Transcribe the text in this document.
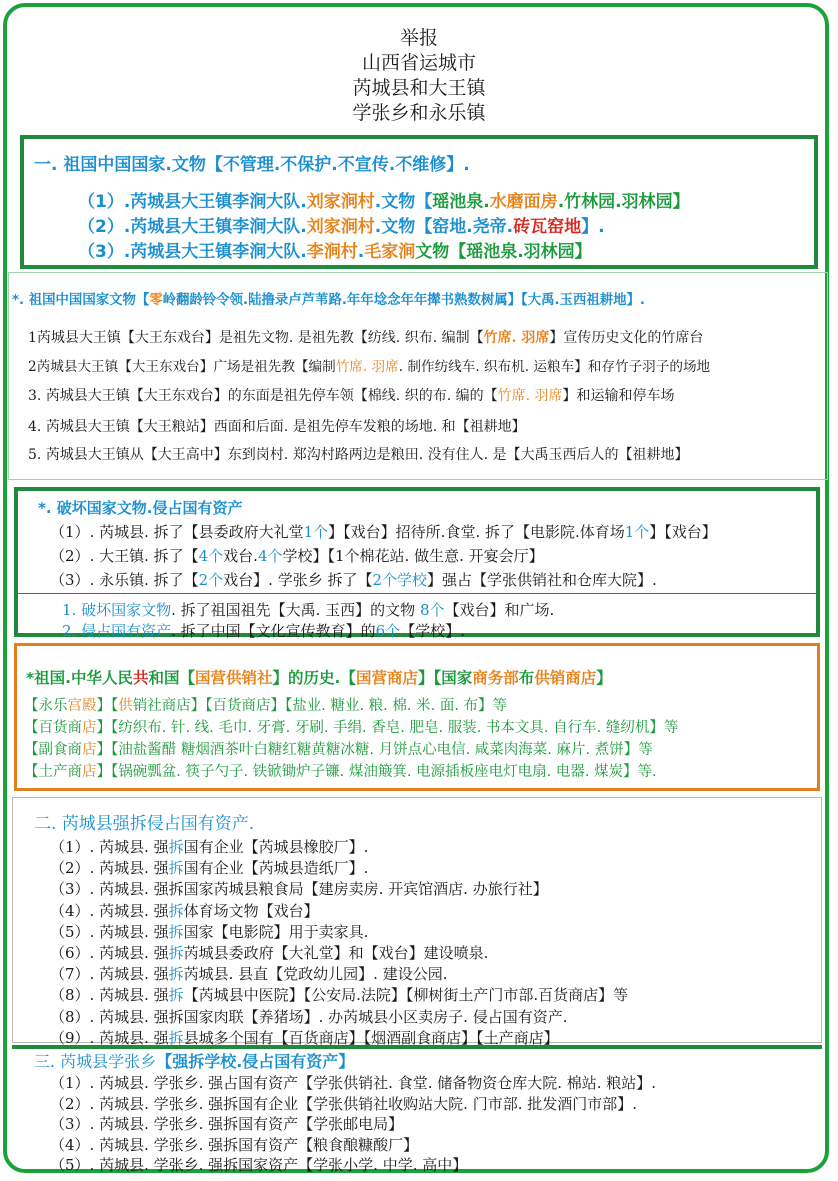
举报
山西省运城市
芮城县和大王镇
学张乡和永乐镇
一. 祖国中国国家.文物【不管理.不保护.不宣传.不维修】.
（1）.芮城县大王镇李涧大队.刘家涧村.文物【瑶池泉.水磨面房.竹林园.羽林园】
（2）.芮城县大王镇李涧大队.刘家涧村.文物【窑地.尧帝.砖瓦窑地】.
（3）.芮城县大王镇李涧大队.李涧村.毛家涧文物【瑶池泉.羽林园】
*. 祖国中国国家文物【零岭翻龄铃令领.陆撸录卢芦苇路.年年埝念年年撵书熟数树属】【大禹.玉西祖耕地】.
1芮城县大王镇【大王东戏台】是祖先文物. 是祖先教【纺线. 织布. 编制【竹席. 羽席】宣传历史文化的竹席台
2芮城县大王镇【大王东戏台】广场是祖先教【编制竹席. 羽席. 制作纺线车. 织布机. 运粮车】和存竹子羽子的场地
3. 芮城县大王镇【大王东戏台】的东面是祖先停车领【棉线. 织的布. 编的【竹席. 羽席】和运输和停车场
4. 芮城县大王镇【大王粮站】西面和后面. 是祖先停车发粮的场地. 和【祖耕地】
5. 芮城县大王镇从【大王高中】东到岗村. 郑沟村路两边是粮田. 没有住人. 是【大禹玉西后人的【祖耕地】
*. 破坏国家文物.侵占国有资产
（1）. 芮城县. 拆了【县委政府大礼堂1个】【戏台】招待所.食堂. 拆了【电影院.体育场1个】【戏台】
（2）. 大王镇. 拆了【4个戏台.4个学校】【1个棉花站. 做生意. 开宴会厅】
（3）. 永乐镇. 拆了【2个戏台】. 学张乡 拆了【2个学校】强占【学张供销社和仓库大院】.
1. 破坏国家文物. 拆了祖国祖先【大禹. 玉西】的文物 8个【戏台】和广场.
2. 侵占国有资产. 拆了中国【文化宣传教育】的6个【学校】.
*祖国.中华人民共和国【国营供销社】的历史.【国营商店】【国家商务部布供销商店】
【永乐宫殿】【供销社商店】【百货商店】【盐业. 糖业. 粮. 棉. 米. 面. 布】等
【百货商店】【纺织布. 针. 线. 毛巾. 牙膏. 牙刷. 手绢. 香皂. 肥皂. 服装. 书本文具. 自行车. 缝纫机】等
【副食商店】【油盐酱醋 糖烟酒茶叶白糖红糖黄糖冰糖. 月饼点心电信. 咸菜肉海菜. 麻片. 煮饼】等
【土产商店】【锅碗瓢盆. 筷子勺子. 铁锨锄炉子镰. 煤油簸箕. 电源插板座电灯电扇. 电器. 煤炭】等.
二. 芮城县强拆侵占国有资产.
（1）. 芮城县. 强拆国有企业【芮城县橡胶厂】.
（2）. 芮城县. 强拆国有企业【芮城县造纸厂】.
（3）. 芮城县. 强拆国家芮城县粮食局【建房卖房. 开宾馆酒店. 办旅行社】
（4）. 芮城县. 强拆体育场文物【戏台】
（5）. 芮城县. 强拆国家【电影院】用于卖家具.
（6）. 芮城县. 强拆芮城县委政府【大礼堂】和【戏台】建设喷泉.
（7）. 芮城县. 强拆芮城县. 县直【党政幼儿园】. 建设公园.
（8）. 芮城县. 强拆【芮城县中医院】【公安局.法院】【柳树街土产门市部.百货商店】等
（8）. 芮城县. 强拆国家肉联【养猪场】. 办芮城县小区卖房子. 侵占国有资产.
（9）. 芮城县. 强拆县城多个国有【百货商店】【烟酒副食商店】【土产商店】
三. 芮城县学张乡【强拆学校.侵占国有资产】
（1）. 芮城县. 学张乡. 强占国有资产【学张供销社. 食堂. 储备物资仓库大院. 棉站. 粮站】.
（2）. 芮城县. 学张乡. 强拆国有企业【学张供销社收购站大院. 门市部. 批发酒门市部】.
（3）. 芮城县. 学张乡. 强拆国有资产【学张邮电局】
（4）. 芮城县. 学张乡. 强拆国有资产【粮食酿糠酸厂】
（5）. 芮城县. 学张乡. 强拆国家资产【学张小学. 中学. 高中】
